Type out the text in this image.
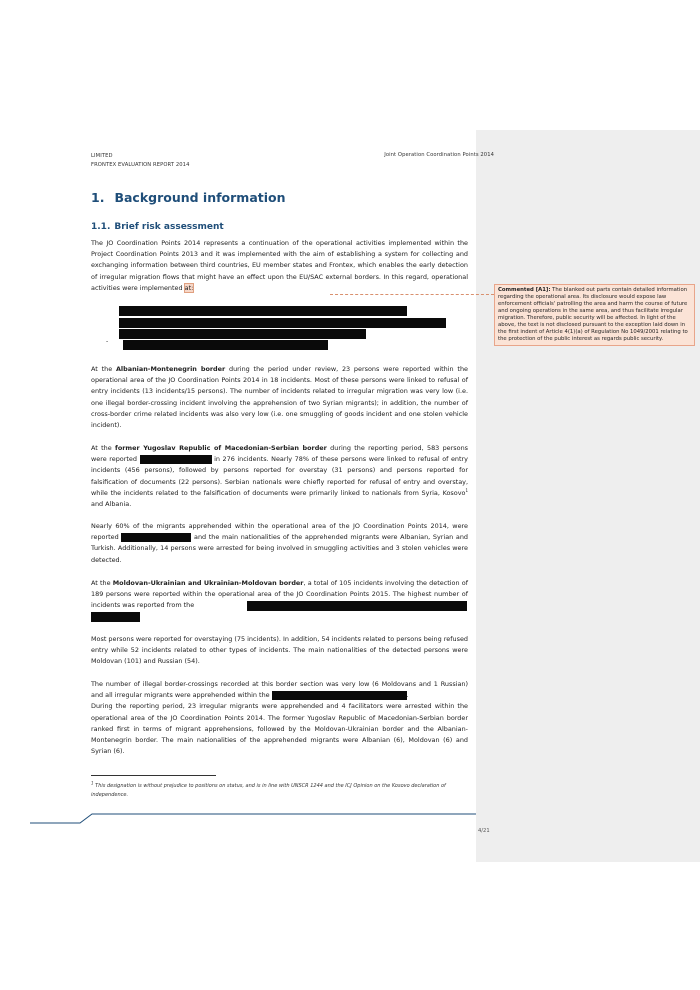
LIMITED
FRONTEX EVALUATION REPORT 2014
Joint Operation Coordination Points 2014
1. Background information
1.1. Brief risk assessment

The JO Coordination Points 2014 represents a continuation of the operational activities implemented within the Project Coordination Points 2013 and it was implemented with the aim of establishing a system for collecting and exchanging information between third countries, EU member states and Frontex, which enables the early detection of irregular migration flows that might have an effect upon the EU/SAC external borders. In this regard, operational activities were implemented at:

-

At the Albanian-Montenegrin border during the period under review, 23 persons were reported within the operational area of the JO Coordination Points 2014 in 18 incidents. Most of these persons were linked to refusal of entry incidents (13 incidents/15 persons). The number of incidents related to irregular migration was very low (i.e. one illegal border-crossing incident involving the apprehension of two Syrian migrants); in addition, the number of cross-border crime related incidents was also very low (i.e. one smuggling of goods incident and one stolen vehicle incident).

At the former Yugoslav Republic of Macedonian-Serbian border during the reporting period, 583 persons were reported	in 276 incidents. Nearly 78% of these persons were linked to refusal of entry incidents (456 persons), followed by persons reported for overstay (31 persons) and persons reported for falsification of documents (22 persons). Serbian nationals were chiefly reported for refusal of entry and overstay, while the incidents related to the falsification of documents were primarily linked to nationals from Syria, Kosovo$^1$ and Albania.

Nearly 60% of the migrants apprehended within the operational area of the JO Coordination Points 2014, were reported	and the main nationalities of the apprehended migrants were Albanian, Syrian and Turkish. Additionally, 14 persons were arrested for being involved in smuggling activities and 3 stolen vehicles were detected.

At the Moldovan-Ukrainian and Ukrainian-Moldovan border, a total of 105 incidents involving the detection of 189 persons were reported within the operational area of the JO Coordination Points 2015. The highest number of incidents was reported from the

Most persons were reported for overstaying (75 incidents). In addition, 54 incidents related to persons being refused entry while 52 incidents related to other types of incidents. The main nationalities of the detected persons were Moldovan (101) and Russian (54).

The number of illegal border-crossings recorded at this border section was very low (6 Moldovans and 1 Russian) and all irregular migrants were apprehended within the	.

During the reporting period, 23 irregular migrants were apprehended and 4 facilitators were arrested within the operational area of the JO Coordination Points 2014. The former Yugoslav Republic of Macedonian-Serbian border ranked first in terms of migrant apprehensions, followed by the Moldovan-Ukrainian border and the Albanian-Montenegrin border. The main nationalities of the apprehended migrants were Albanian (6), Moldovan (6) and Syrian (6).

$^1$ This designation is without prejudice to positions on status, and is in line with UNSCR 1244 and the ICJ Opinion on the Kosovo declaration of independence.
Commented [A1]: The blanked out parts contain detailed information regarding the operational area. Its disclosure would expose law enforcement officials' patrolling the area and harm the course of future and ongoing operations in the same area, and thus facilitate irregular migration. Therefore, public security will be affected. In light of the above, the text is not disclosed pursuant to the exception laid down in the first indent of Article 4(1)(a) of Regulation No 1049/2001 relating to the protection of the public interest as regards public security.
4/21
